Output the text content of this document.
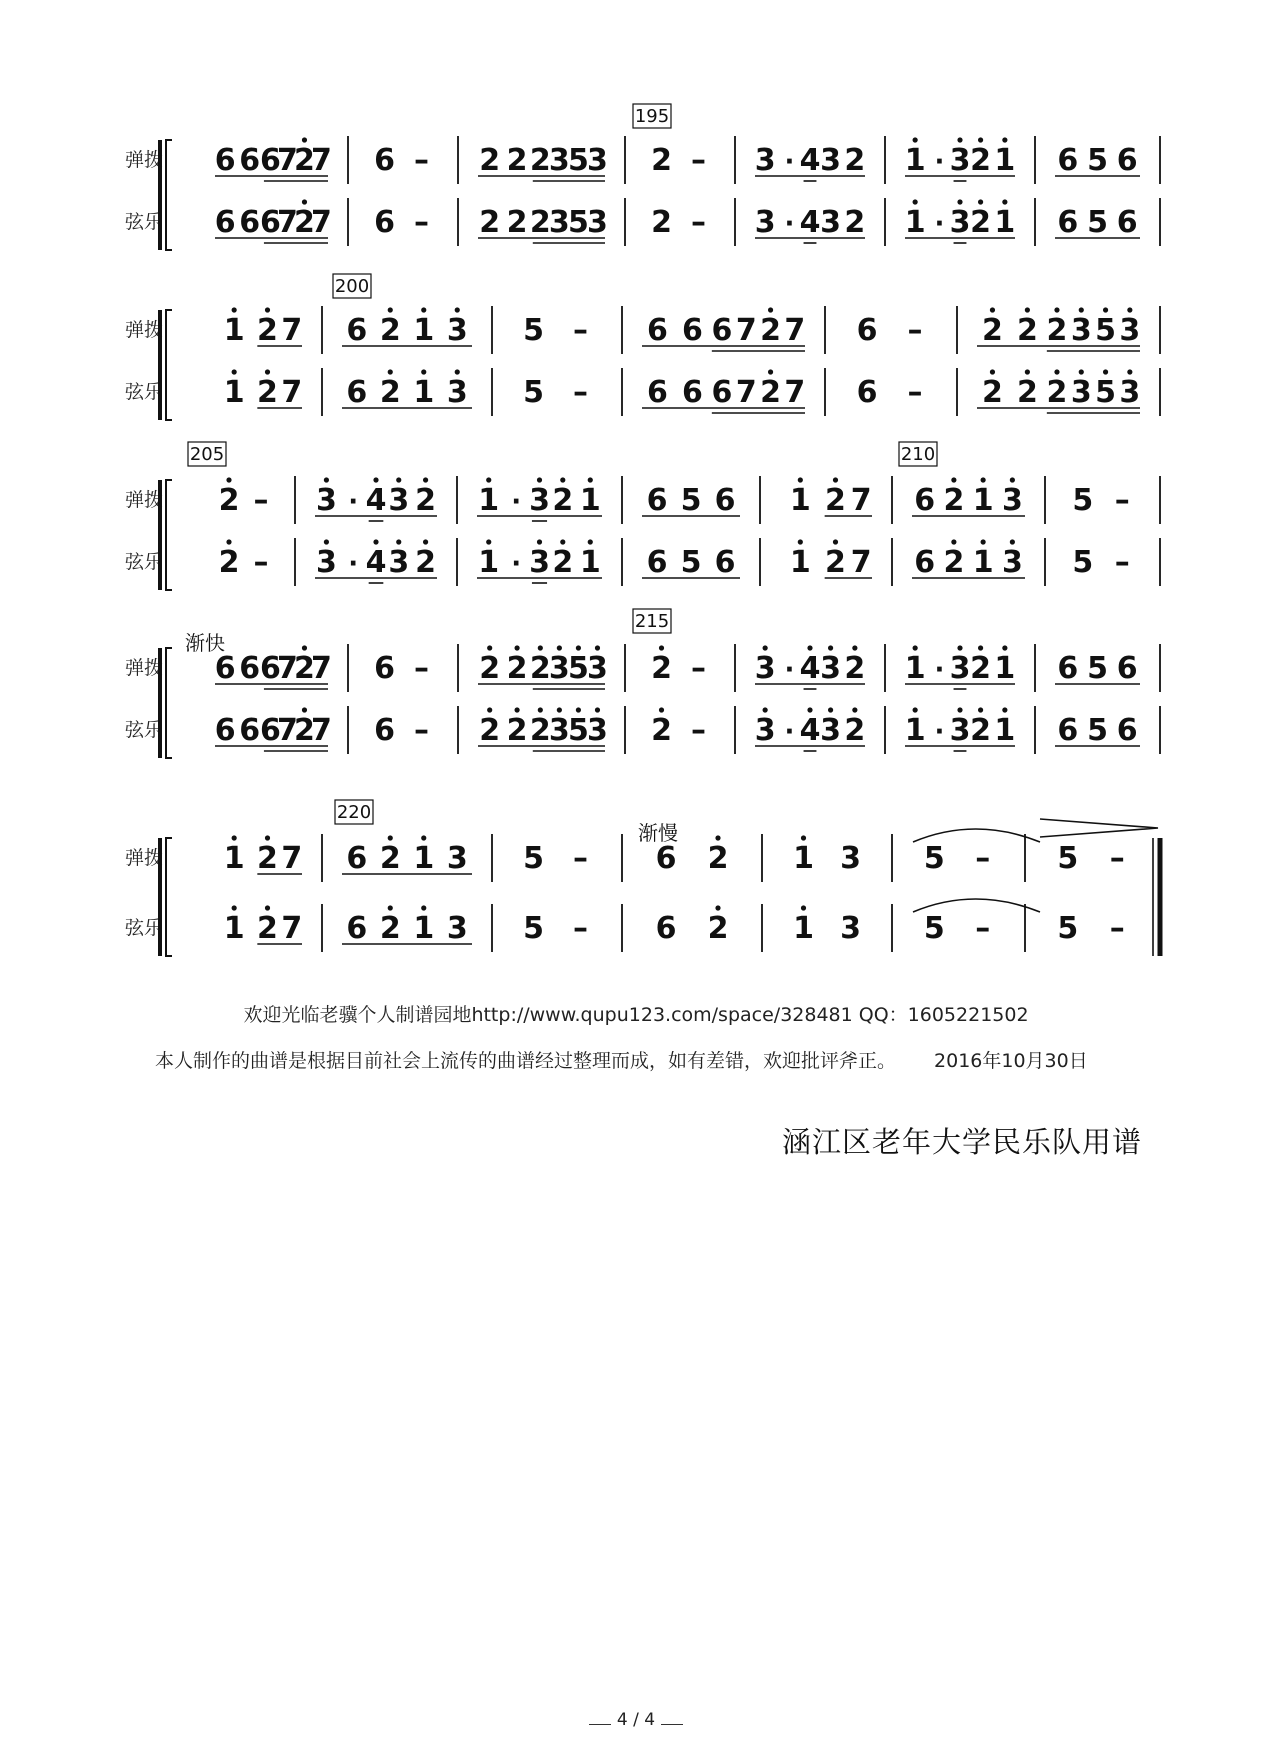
弹拨
弦乐
195
6 6 6
7
2
7
6 6 6
7
2
7
6 –
6 –
2 2 2
3
5
3
2 2 2
3
5
3
2 –
2 –
3 · 4 3 2
3 · 4 3 2
1 · 3 2 1
1 · 3 2 1
6 5 6
6 5 6
弹拨
弦乐
200
1 2 7
1 2 7
6 2 1 3
6 2 1 3
5 –
5 –
6 6 6 7 2 7
6 6 6 7 2 7
6 –
6 –
2 2 2 3 5 3
2 2 2 3 5 3
弹拨
弦乐
205	210
2 –
2 –
3 · 4 3 2
3 · 4 3 2
1 · 3 2 1
1 · 3 2 1
6 5 6
6 5 6
1 2 7
1 2 7
6 2 1 3
6 2 1 3
5 –
5 –
弹拨
弦乐
215
渐快
6 6 6
7
2
7
6 6 6
7
2
7
6 –
6 –
2 2 2
3
5
3
2 2 2
3
5
3
2 –
2 –
3 · 4 3 2
3 · 4 3 2
1 · 3 2 1
1 · 3 2 1
6 5 6
6 5 6
弹拨
弦乐
220
渐慢
1 2 7
1 2 7
6 2 1 3
6 2 1 3
5 –
5 –
6 2
6 2
1 3
1 3
5 –
5 –
5 –
5 –
欢迎光临老骥个人制谱园地http://www.qupu123.com/space/328481 QQ：1605221502
本人制作的曲谱是根据目前社会上流传的曲谱经过整理而成，如有差错，欢迎批评斧正。 2016年10月30日
涵江区老年大学民乐队用谱
4 / 4
